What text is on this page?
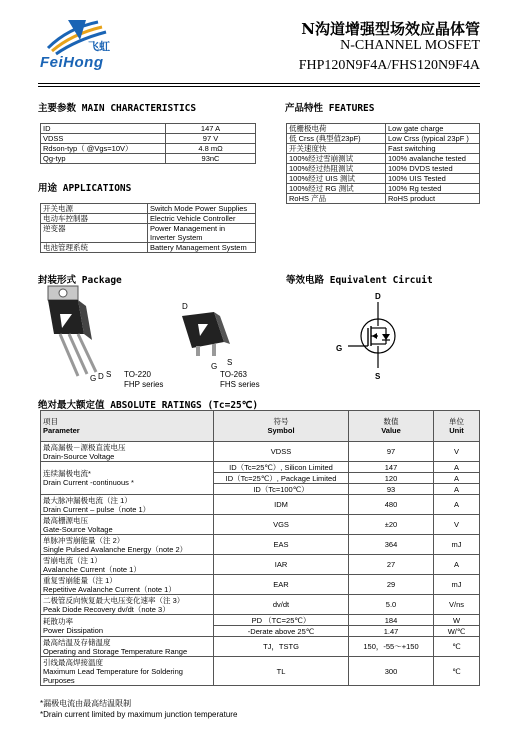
飞虹
FeiHong
N沟道增强型场效应晶体管
N-CHANNEL MOSFET
FHP120N9F4A/FHS120N9F4A
主要参数 MAIN CHARACTERISTICS
ID	147 A
VDSS	97 V
Rdson-typ（ @Vgs=10V）	4.8 mΩ
Qg-typ	93nC
产品特性 FEATURES
低栅极电荷	Low gate charge
低 Crss (典型值23pF)	Low Crss (typical 23pF )
开关速度快	Fast switching
100%经过雪崩测试	100% avalanche tested
100%经过热阻测试	100% DVDS tested
100%经过 UIS 测试	100% UIS Tested
100%经过 RG 测试	100% Rg tested
RoHS 产品	RoHS product
用途 APPLICATIONS
开关电源	Switch Mode Power Supplies
电动车控制器	Electric Vehicle Controller
逆变器	Power Management in
Inverter System
电池管理系统	Battery Management System
封装形式 Package
G D S TO-220
FHP series
D
G S
TO-263
FHS series
等效电路 Equivalent Circuit
D
G
S
绝对最大额定值 ABSOLUTE RATINGS (Tc=25℃)
项目
Parameter	符号
Symbol	数值
Value	单位
Unit
最高漏极－源极直流电压
Drain-Source Voltage	VDSS	97	V
连续漏极电流*
Drain Current -continuous *	ID（Tc=25℃）, Silicon Limited	147	A
	ID（Tc=25℃）, Package Limited	120	A
	ID（Tc=100℃）	93	A
最大脉冲漏极电流（注 1）
Drain Current – pulse（note 1）	IDM	480	A
最高栅源电压
Gate-Source Voltage	VGS	±20	V
单脉冲雪崩能量（注 2）
Single Pulsed Avalanche Energy（note 2）	EAS	364	mJ
雪崩电流（注 1）
Avalanche Current（note 1）	IAR	27	A
重复雪崩能量（注 1）
Repetitive Avalanche Current（note 1）	EAR	29	mJ
二极管反向恢复最大电压变化速率（注 3）
Peak Diode Recovery dv/dt（note 3）	dv/dt	5.0	V/ns
耗散功率
Power Dissipation	PD （TC=25℃）	184	W
	-Derate above 25℃	1.47	W/℃
最高结温及存储温度
Operating and Storage Temperature Range	TJ，TSTG	150，-55～+150	℃
引线最高焊接温度
Maximum Lead Temperature for Soldering
Purposes	TL	300	℃
*漏极电流由最高结温限制
*Drain current limited by maximum junction temperature
